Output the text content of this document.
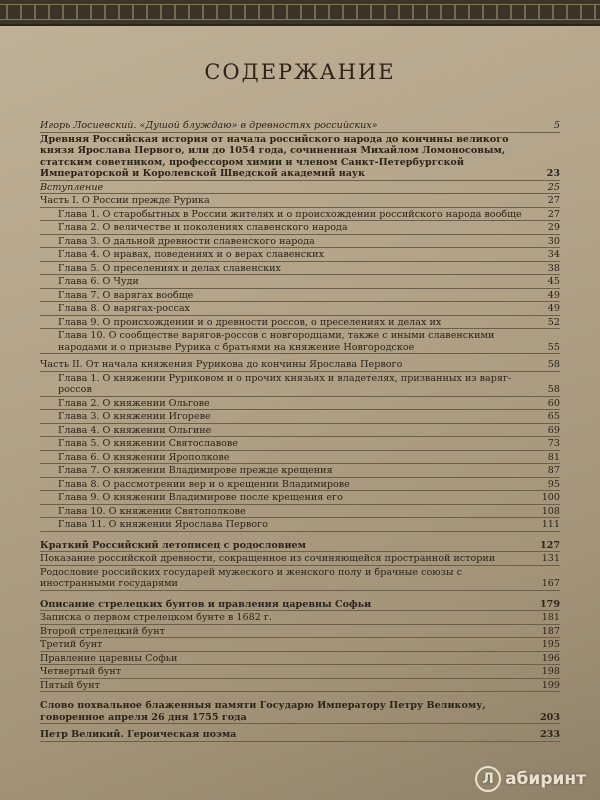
СОДЕРЖАНИЕ
Игорь Лосиевский. «Душой блуждаю» в древностях российских»	5
Древняя Российская история от начала российского народа до кончины великого князя Ярослава Первого, или до 1054 года, сочиненная Михайлом Ломоносовым, статским советником, профессором химии и членом Санкт-Петербургской Императорской и Королевской Шведской академий наук	23
Вступление	25
Часть I. О России прежде Рурика	27
Глава 1. О старобытных в России жителях и о происхождении российского народа вообще	27
Глава 2. О величестве и поколениях славенского народа	29
Глава 3. О дальной древности славенского народа	30
Глава 4. О нравах, поведениях и о верах славенских	34
Глава 5. О преселениях и делах славенских	38
Глава 6. О Чуди	45
Глава 7. О варягах вообще	49
Глава 8. О варягах-россах	49
Глава 9. О происхождении и о древности россов, о преселениях и делах их	52
Глава 10. О сообществе варягов-россов с новгородцами, также с иными славенскими народами и о призыве Рурика с братьями на княжение Новгородское	55
Часть II. От начала княжения Рурикова до кончины Ярослава Первого	58
Глава 1. О княжении Руриковом и о прочих князьях и владетелях, призванных из варяг-россов	58
Глава 2. О княжении Ольгове	60
Глава 3. О княжении Игореве	65
Глава 4. О княжении Ольгине	69
Глава 5. О княжении Святославове	73
Глава 6. О княжении Ярополкове	81
Глава 7. О княжении Владимирове прежде крещения	87
Глава 8. О рассмотрении вер и о крещении Владимирове	95
Глава 9. О княжении Владимирове после крещения его	100
Глава 10. О княжении Святополкове	108
Глава 11. О княжении Ярослава Первого	111
Краткий Российский летописец с родословием	127
Показание российской древности, сокращенное из сочиняющейся пространной истории	131
Родословие российских государей мужеского и женского полу и брачные союзы с иностранными государями	167
Описание стрелецких бунтов и правления царевны Софьи	179
Записка о первом стрелецком бунте в 1682 г.	181
Второй стрелецкий бунт	187
Третий бунт	195
Правление царевны Софьи	196
Четвертый бунт	198
Пятый бунт	199
Слово похвальное блаженныя памяти Государю Императору Петру Великому, говоренное апреля 26 дня 1755 года	203
Петр Великий. Героическая поэма	233
Л абиринт
